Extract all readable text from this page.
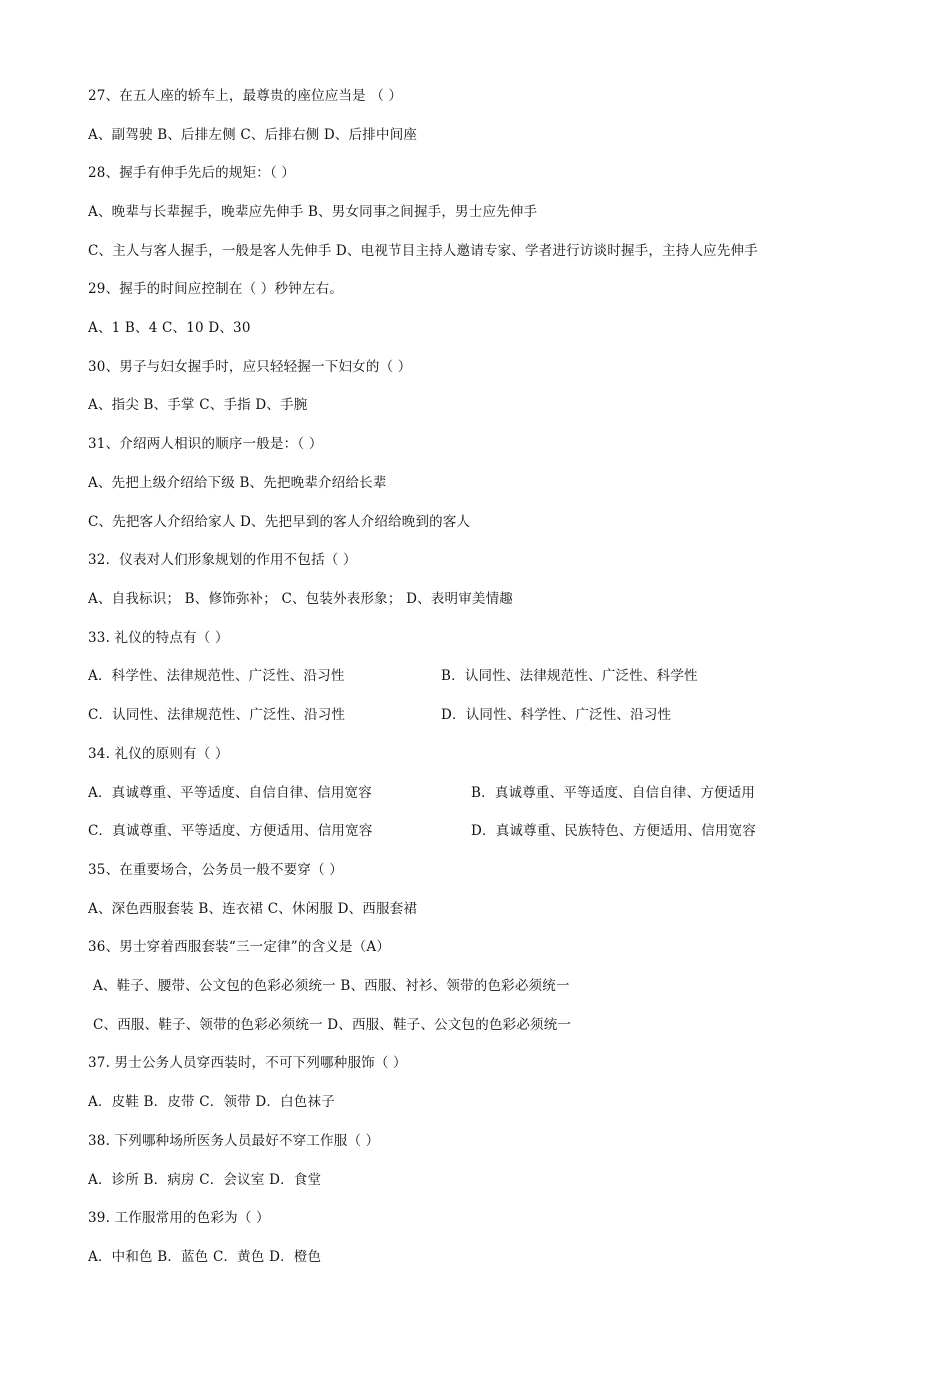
27、在五人座的轿车上，最尊贵的座位应当是 （ ）
A、副驾驶 B、后排左侧 C、后排右侧 D、后排中间座
28、握手有伸手先后的规矩：（ ）
A、晚辈与长辈握手，晚辈应先伸手 B、男女同事之间握手，男士应先伸手
C、主人与客人握手，一般是客人先伸手 D、电视节目主持人邀请专家、学者进行访谈时握手，主持人应先伸手
29、握手的时间应控制在（ ）秒钟左右。
A、1 B、4 C、10 D、30
30、男子与妇女握手时，应只轻轻握一下妇女的（ ）
A、指尖 B、手掌 C、手指 D、手腕
31、介绍两人相识的顺序一般是：（ ）
A、先把上级介绍给下级 B、先把晚辈介绍给长辈
C、先把客人介绍给家人 D、先把早到的客人介绍给晚到的客人
32．仪表对人们形象规划的作用不包括（ ）
A、自我标识； B、修饰弥补； C、包装外表形象； D、表明审美情趣
33. 礼仪的特点有（ ）
A．科学性、法律规范性、广泛性、沿习性	B．认同性、法律规范性、广泛性、科学性
C．认同性、法律规范性、广泛性、沿习性	D．认同性、科学性、广泛性、沿习性
34. 礼仪的原则有（ ）
A．真诚尊重、平等适度、自信自律、信用宽容	B．真诚尊重、平等适度、自信自律、方便适用
C．真诚尊重、平等适度、方便适用、信用宽容	D．真诚尊重、民族特色、方便适用、信用宽容
35、在重要场合，公务员一般不要穿（ ）
A、深色西服套装 B、连衣裙 C、休闲服 D、西服套裙
36、男士穿着西服套装“三一定律”的含义是（A）
A、鞋子、腰带、公文包的色彩必须统一 B、西服、衬衫、领带的色彩必须统一
C、西服、鞋子、领带的色彩必须统一 D、西服、鞋子、公文包的色彩必须统一
37. 男士公务人员穿西装时，不可下列哪种服饰（ ）
A．皮鞋 B．皮带 C．领带 D．白色袜子
38. 下列哪种场所医务人员最好不穿工作服（ ）
A．诊所 B．病房 C．会议室 D．食堂
39. 工作服常用的色彩为（ ）
A．中和色 B．蓝色 C．黄色 D．橙色
